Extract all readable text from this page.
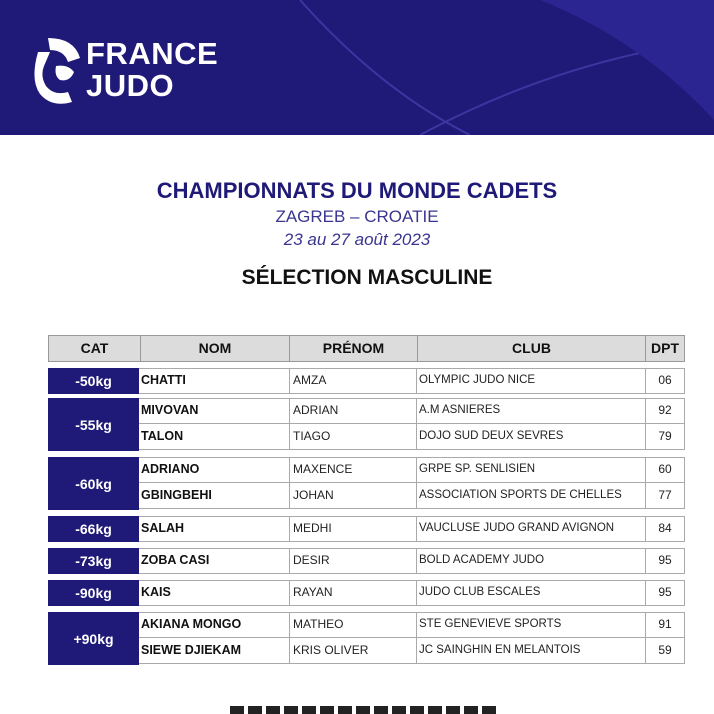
FRANCE
JUDO
CHAMPIONNATS DU MONDE CADETS
ZAGREB – CROATIE
23 au 27 août 2023
SÉLECTION MASCULINE
CAT	NOM	PRÉNOM	CLUB	DPT
-50kg	CHATTI	AMZA	OLYMPIC JUDO NICE	06
-55kg
MIVOVAN	ADRIAN	A.M ASNIERES	92
TALON	TIAGO	DOJO SUD DEUX SEVRES	79
-60kg
ADRIANO	MAXENCE	GRPE SP. SENLISIEN	60
GBINGBEHI	JOHAN	ASSOCIATION SPORTS DE CHELLES	77
-66kg	SALAH	MEDHI	VAUCLUSE JUDO GRAND AVIGNON	84
-73kg	ZOBA CASI	DESIR	BOLD ACADEMY JUDO	95
-90kg	KAIS	RAYAN	JUDO CLUB ESCALES	95
+90kg
AKIANA MONGO	MATHEO	STE GENEVIEVE SPORTS	91
SIEWE DJIEKAM	KRIS OLIVER	JC SAINGHIN EN MELANTOIS	59
